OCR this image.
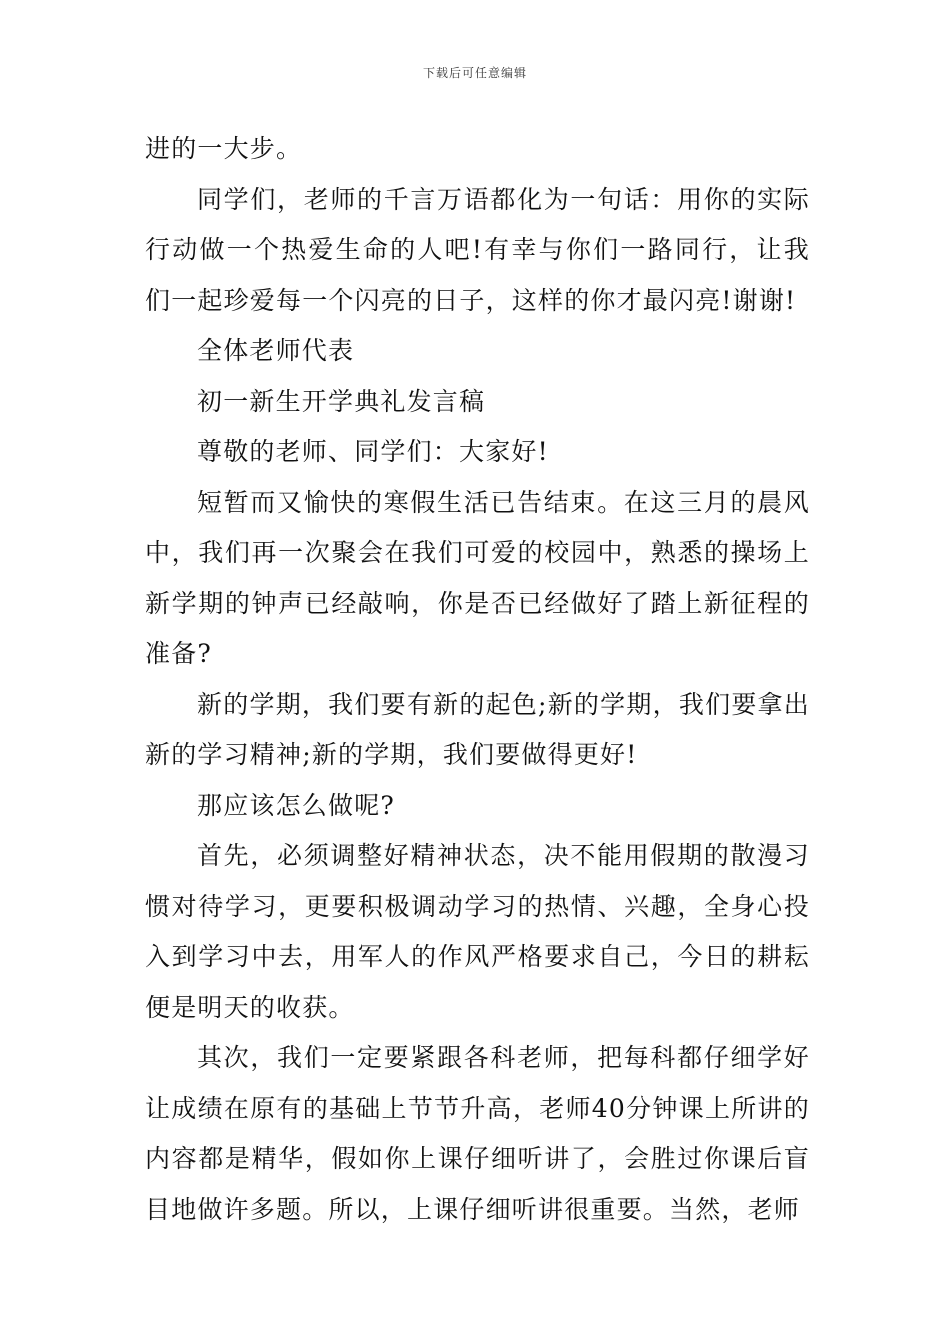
下载后可任意编辑

进的一大步。

同学们，老师的千言万语都化为一句话：用你的实际行动做一个热爱生命的人吧!有幸与你们一路同行，让我们一起珍爱每一个闪亮的日子，这样的你才最闪亮!谢谢!

全体老师代表

初一新生开学典礼发言稿

尊敬的老师、同学们：大家好!

短暂而又愉快的寒假生活已告结束。在这三月的晨风中，我们再一次聚会在我们可爱的校园中，熟悉的操场上新学期的钟声已经敲响，你是否已经做好了踏上新征程的准备?

新的学期，我们要有新的起色;新的学期，我们要拿出新的学习精神;新的学期，我们要做得更好!

那应该怎么做呢?

首先，必须调整好精神状态，决不能用假期的散漫习惯对待学习，更要积极调动学习的热情、兴趣，全身心投入到学习中去，用军人的作风严格要求自己，今日的耕耘便是明天的收获。

其次，我们一定要紧跟各科老师，把每科都仔细学好让成绩在原有的基础上节节升高，老师40分钟课上所讲的内容都是精华，假如你上课仔细听讲了，会胜过你课后盲目地做许多题。所以，上课仔细听讲很重要。当然，老师
